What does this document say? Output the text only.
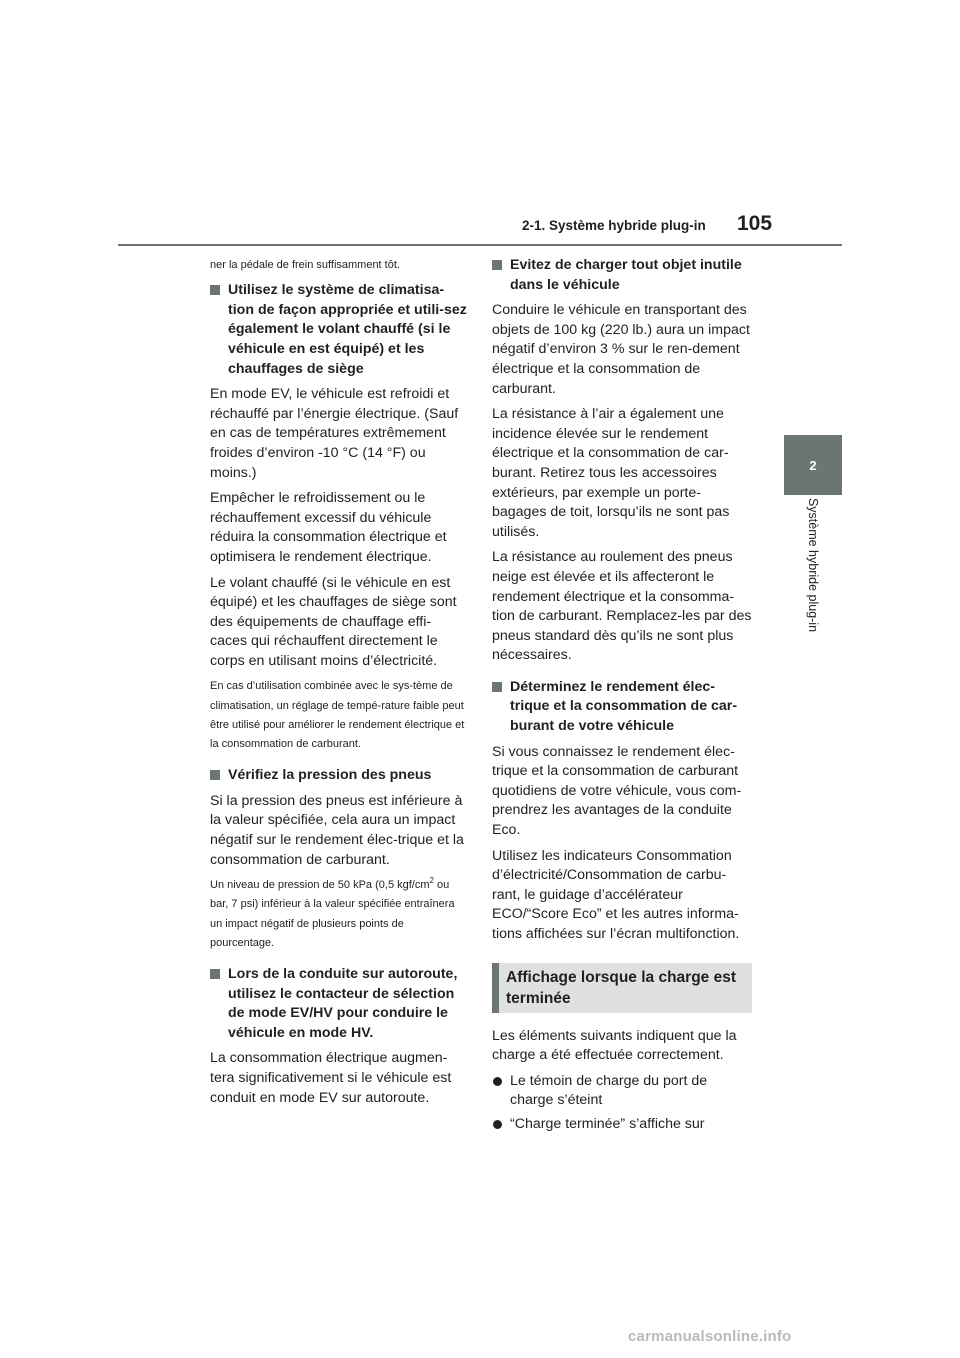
2-1. Système hybride plug-in 105
2
Système hybride plug-in

ner la pédale de frein suffisamment tôt.

Utilisez le système de climatisa-tion de façon appropriée et utili-sez également le volant chauffé (si le véhicule en est équipé) et les chauffages de siège

En mode EV, le véhicule est refroidi et réchauffé par l’énergie électrique. (Sauf en cas de températures extrêmement froides d’environ -10 °C (14 °F) ou moins.)

Empêcher le refroidissement ou le réchauffement excessif du véhicule réduira la consommation électrique et optimisera le rendement électrique.

Le volant chauffé (si le véhicule en est équipé) et les chauffages de siège sont des équipements de chauffage effi-caces qui réchauffent directement le corps en utilisant moins d’électricité.

En cas d’utilisation combinée avec le sys-tème de climatisation, un réglage de tempé-rature faible peut être utilisé pour améliorer le rendement électrique et la consommation de carburant.

Vérifiez la pression des pneus

Si la pression des pneus est inférieure à la valeur spécifiée, cela aura un impact négatif sur le rendement élec-trique et la consommation de carburant.

Un niveau de pression de 50 kPa (0,5 kgf/$cm^2$ ou bar, 7 psi) inférieur à la valeur spécifiée entraînera un impact négatif de plusieurs points de pourcentage.

Lors de la conduite sur autoroute, utilisez le contacteur de sélection de mode EV/HV pour conduire le véhicule en mode HV.

La consommation électrique augmen-tera significativement si le véhicule est conduit en mode EV sur autoroute.

Evitez de charger tout objet inutile dans le véhicule

Conduire le véhicule en transportant des objets de 100 kg (220 lb.) aura un impact négatif d’environ 3 % sur le ren-dement électrique et la consommation de carburant.

La résistance à l’air a également une incidence élevée sur le rendement électrique et la consommation de car-burant. Retirez tous les accessoires extérieurs, par exemple un porte-bagages de toit, lorsqu’ils ne sont pas utilisés.

La résistance au roulement des pneus neige est élevée et ils affecteront le rendement électrique et la consomma-tion de carburant. Remplacez-les par des pneus standard dès qu’ils ne sont plus nécessaires.

Déterminez le rendement élec-trique et la consommation de car-burant de votre véhicule

Si vous connaissez le rendement élec-trique et la consommation de carburant quotidiens de votre véhicule, vous com-prendrez les avantages de la conduite Eco.

Utilisez les indicateurs Consommation d’électricité/Consommation de carbu-rant, le guidage d’accélérateur ECO/“Score Eco” et les autres informa-tions affichées sur l’écran multifonction.

Affichage lorsque la charge est terminée

Les éléments suivants indiquent que la charge a été effectuée correctement.

Le témoin de charge du port de charge s’éteint
“Charge terminée” s’affiche sur
carmanualsonline.info
